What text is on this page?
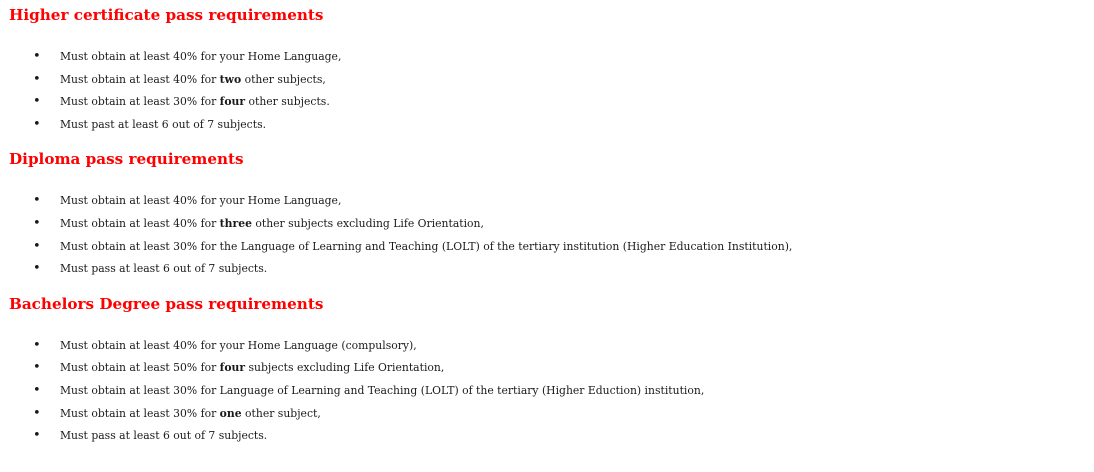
Higher certificate pass requirements
• Must obtain at least 40% for your Home Language,
• Must obtain at least 40% for two other subjects,
• Must obtain at least 30% for four other subjects.
• Must past at least 6 out of 7 subjects.
Diploma pass requirements
• Must obtain at least 40% for your Home Language,
• Must obtain at least 40% for three other subjects excluding Life Orientation,
• Must obtain at least 30% for the Language of Learning and Teaching (LOLT) of the tertiary institution (Higher Education Institution),
• Must pass at least 6 out of 7 subjects.
Bachelors Degree pass requirements
• Must obtain at least 40% for your Home Language (compulsory),
• Must obtain at least 50% for four subjects excluding Life Orientation,
• Must obtain at least 30% for Language of Learning and Teaching (LOLT) of the tertiary (Higher Eduction) institution,
• Must obtain at least 30% for one other subject,
• Must pass at least 6 out of 7 subjects.
